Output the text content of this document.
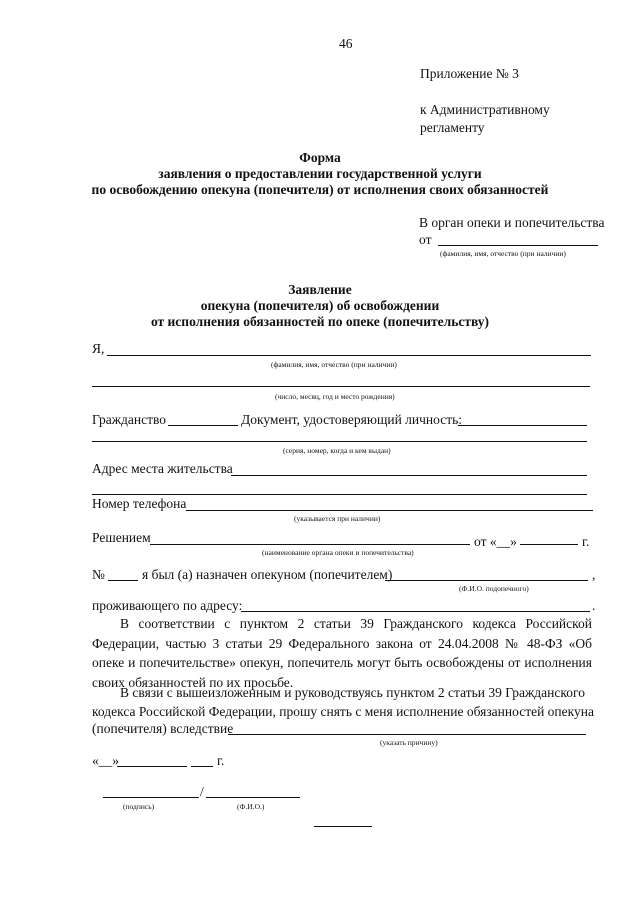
46
Приложение № 3
к Административному
регламенту
Форма
заявления о предоставлении государственной услуги
по освобождению опекуна (попечителя) от исполнения своих обязанностей
В орган опеки и попечительства
от
(фамилия, имя, отчество (при наличии)
Заявление
опекуна (попечителя) об освобождении
от исполнения обязанностей по опеке (попечительству)
Я,
(фамилия, имя, отчество (при наличии)
(число, месяц, год и место рождения)
Гражданство	Документ, удостоверяющий личность:
(серия, номер, когда и кем выдан)
Адрес места жительства
Номер телефона
(указывается при наличии)
Решением	от «__»	г.
(наименование органа опеки и попечительства)
№	я был (а) назначен опекуном (попечителем)	,
(Ф.И.О. подопечного)
проживающего по адресу:	.
В соответствии с пунктом 2 статьи 39 Гражданского кодекса Российской Федерации, частью 3 статьи 29 Федерального закона от 24.04.2008 № 48-ФЗ «Об опеке и попечительстве» опекун, попечитель могут быть освобождены от исполнения своих обязанностей по их просьбе.
В связи с вышеизложенным и руководствуясь пунктом 2 статьи 39 Гражданского
кодекса Российской Федерации, прошу снять с меня исполнение обязанностей опекуна
(попечителя) вследствие
(указать причину)
«__»	г.
/
(подпись)	(Ф.И.О.)
